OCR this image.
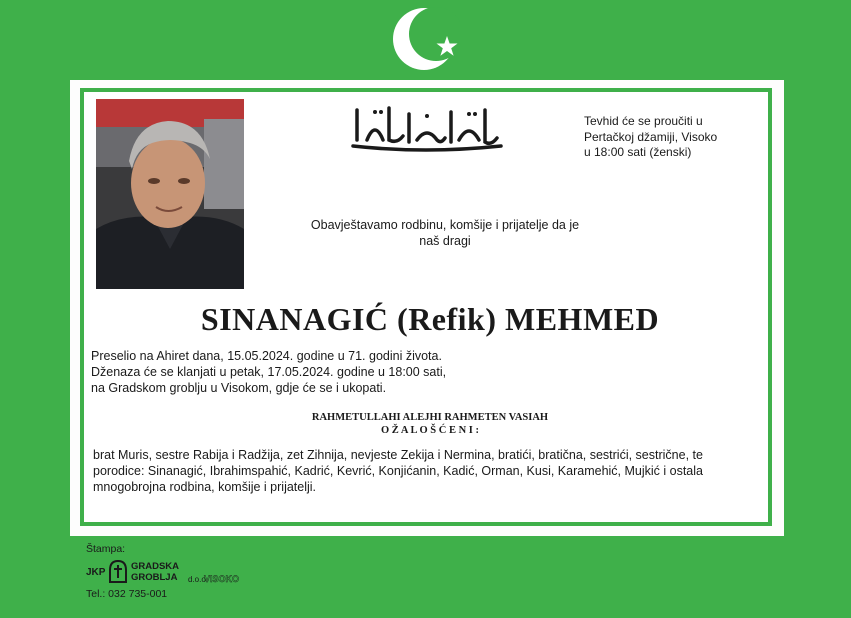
Tevhid će se proučiti u
Pertačkoj džamiji, Visoko
u 18:00 sati (ženski)
Obavještavamo rodbinu, komšije i prijatelje da je
naš dragi
SINANAGIĆ (Refik) MEHMED
Preselio na Ahiret dana, 15.05.2024. godine u 71. godini života.
Dženaza će se klanjati u petak, 17.05.2024. godine u 18:00 sati,
na Gradskom groblju u Visokom, gdje će se i ukopati.
RAHMETULLAHI ALEJHI RAHMETEN VASIAH
O Ž A L O Š Ć E N I :
brat Muris, sestre Rabija i Radžija, zet Zihnija, nevjeste Zekija i Nermina, bratići, bratična, sestrići, sestrične, te
porodice: Sinanagić, Ibrahimspahić, Kadrić, Kevrić, Konjićanin, Kadić, Orman, Kusi, Karamehić, Mujkić i ostala
mnogobrojna rodbina, komšije i prijatelji.
Štampa:
JKP
GRADSKA
GROBLJA d.o.o.
VISOKO
Tel.: 032 735-001
